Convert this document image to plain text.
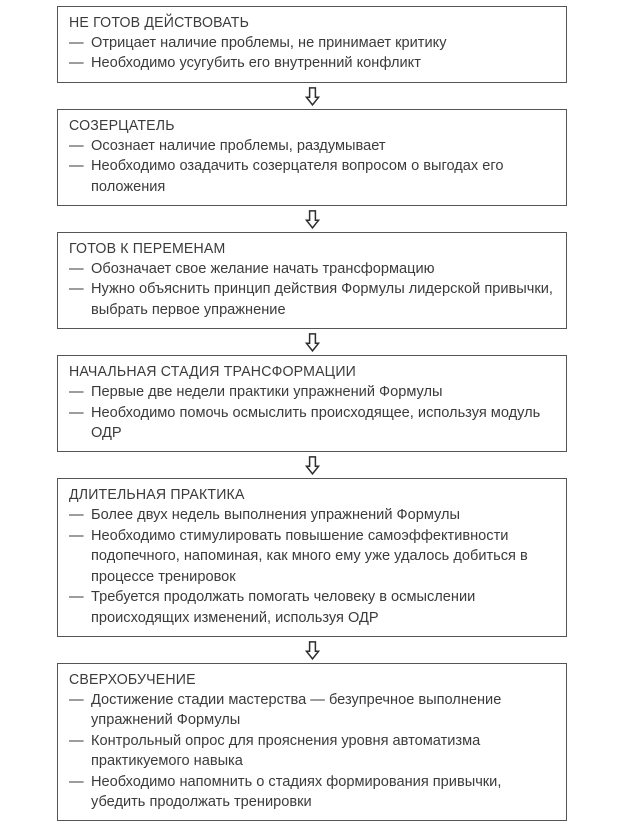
НЕ ГОТОВ ДЕЙСТВОВАТЬ
— Отрицает наличие проблемы, не принимает критику
— Необходимо усугубить его внутренний конфликт
СОЗЕРЦАТЕЛЬ
— Осознает наличие проблемы, раздумывает
— Необходимо озадачить созерцателя вопросом о выгодах его положения
ГОТОВ К ПЕРЕМЕНАМ
— Обозначает свое желание начать трансформацию
— Нужно объяснить принцип действия Формулы лидерской привычки, выбрать первое упражнение
НАЧАЛЬНАЯ СТАДИЯ ТРАНСФОРМАЦИИ
— Первые две недели практики упражнений Формулы
— Необходимо помочь осмыслить происходящее, используя модуль ОДР
ДЛИТЕЛЬНАЯ ПРАКТИКА
— Более двух недель выполнения упражнений Формулы
— Необходимо стимулировать повышение самоэффективности подопечного, напоминая, как много ему уже удалось добиться в процессе тренировок
— Требуется продолжать помогать человеку в осмыслении происходящих изменений, используя ОДР
СВЕРХОБУЧЕНИЕ
— Достижение стадии мастерства — безупречное выполнение упражнений Формулы
— Контрольный опрос для прояснения уровня автоматизма практикуемого навыка
— Необходимо напомнить о стадиях формирования привычки, убедить продолжать тренировки
